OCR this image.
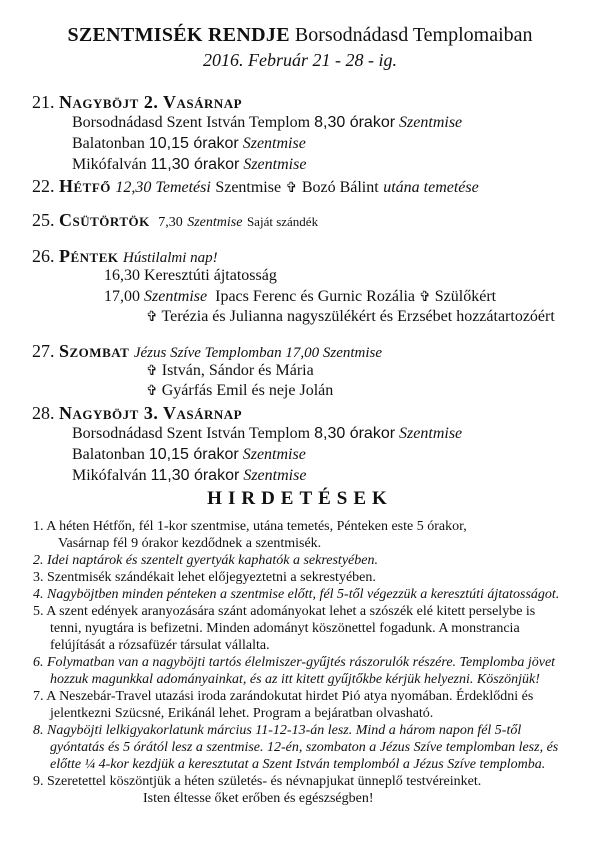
SZENTMISÉK RENDJE Borsodnádasd Templomaiban
2016. Február 21 - 28 - ig.
21. Nagyböjt 2. Vasárnap
Borsodnádasd Szent István Templom 8,30 órakor Szentmise
Balatonban 10,15 órakor Szentmise
Mikófalván 11,30 órakor Szentmise
22. Hétfő 12,30 Temetési Szentmise ✞ Bozó Bálint utána temetése
25. Csütörtök 7,30 Szentmise Saját szándék
26. Péntek Hústilalmi nap!
16,30 Keresztúti ájtatosság
17,00 Szentmise Ipacs Ferenc és Gurnic Rozália ✞ Szülőkért
✞ Terézia és Julianna nagyszülékért és Erzsébet hozzátartozóért
27. Szombat Jézus Szíve Templomban 17,00 Szentmise
✞ István, Sándor és Mária
✞ Gyárfás Emil és neje Jolán
28. Nagyböjt 3. Vasárnap
Borsodnádasd Szent István Templom 8,30 órakor Szentmise
Balatonban 10,15 órakor Szentmise
Mikófalván 11,30 órakor Szentmise
HIRDETÉSEK
1. A héten Hétfőn, fél 1-kor szentmise, utána temetés, Pénteken este 5 órakor,
Vasárnap fél 9 órakor kezdődnek a szentmisék.
2. Idei naptárok és szentelt gyertyák kaphatók a sekrestyében.
3. Szentmisék szándékait lehet előjegyeztetni a sekrestyében.
4. Nagyböjtben minden pénteken a szentmise előtt, fél 5-től végezzük a keresztúti ájtatosságot.
5. A szent edények aranyozására szánt adományokat lehet a szószék elé kitett perselybe is
tenni, nyugtára is befizetni. Minden adományt köszönettel fogadunk. A monstrancia
felújítását a rózsafüzér társulat vállalta.
6. Folymatban van a nagyböjti tartós élelmiszer-gyűjtés rászorulók részére. Templomba jövet
hozzuk magunkkal adományainkat, és az itt kitett gyűjtőkbe kérjük helyezni. Köszönjük!
7. A Neszebár-Travel utazási iroda zarándokutat hirdet Pió atya nyomában. Érdeklődni és
jelentkezni Szücsné, Erikánál lehet. Program a bejáratban olvasható.
8. Nagyböjti lelkigyakorlatunk március 11-12-13-án lesz. Mind a három napon fél 5-től
gyóntatás és 5 órától lesz a szentmise. 12-én, szombaton a Jézus Szíve templomban lesz, és
előtte ¼ 4-kor kezdjük a keresztutat a Szent István templomból a Jézus Szíve templomba.
9. Szeretettel köszöntjük a héten születés- és névnapjukat ünneplő testvéreinket.
Isten éltesse őket erőben és egészségben!
